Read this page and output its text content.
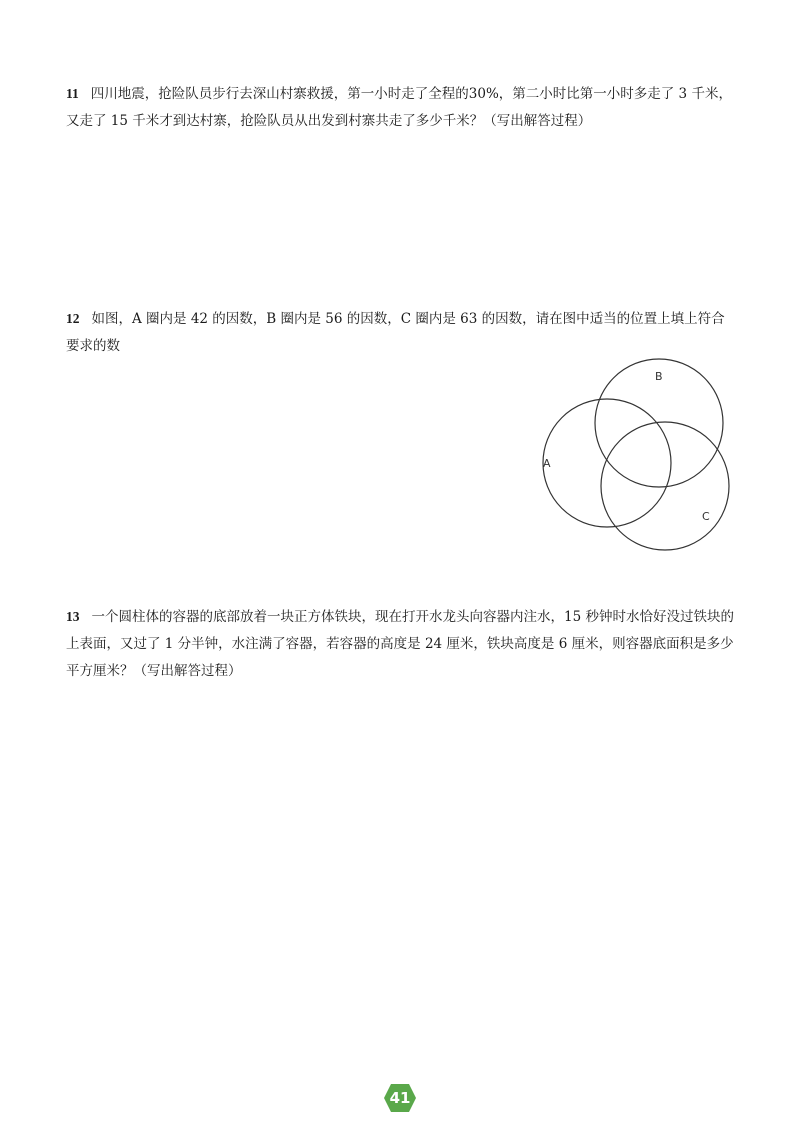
11 四川地震，抢险队员步行去深山村寨救援，第一小时走了全程的30%，第二小时比第一小时多走了 3 千米，又走了 15 千米才到达村寨，抢险队员从出发到村寨共走了多少千米？（写出解答过程）
12 如图，A 圈内是 42 的因数，B 圈内是 56 的因数，C 圈内是 63 的因数，请在图中适当的位置上填上符合要求的数
A
B
C
13 一个圆柱体的容器的底部放着一块正方体铁块，现在打开水龙头向容器内注水，15 秒钟时水恰好没过铁块的上表面，又过了 1 分半钟，水注满了容器，若容器的高度是 24 厘米，铁块高度是 6 厘米，则容器底面积是多少平方厘米？（写出解答过程）
41
